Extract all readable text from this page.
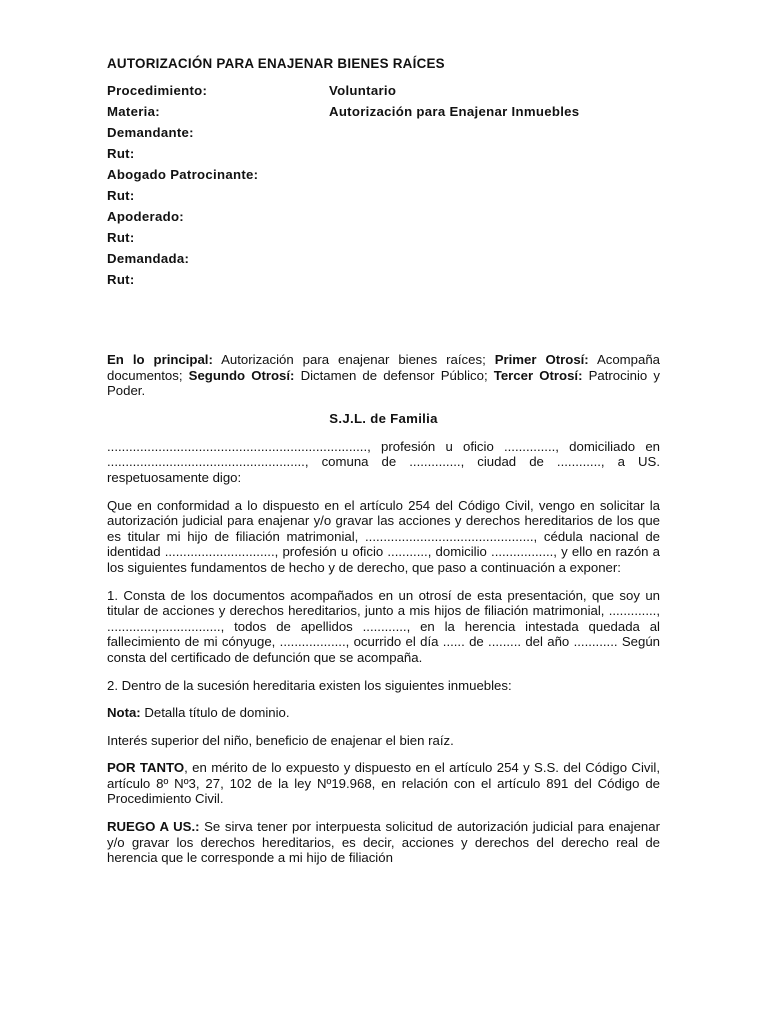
AUTORIZACIÓN PARA ENAJENAR BIENES RAÍCES
Procedimiento:	Voluntario
Materia:	Autorización para Enajenar Inmuebles
Demandante:
Rut:
Abogado Patrocinante:
Rut:
Apoderado:
Rut:
Demandada:
Rut:

En lo principal: Autorización para enajenar bienes raíces; Primer Otrosí: Acompaña documentos; Segundo Otrosí: Dictamen de defensor Público; Tercer Otrosí: Patrocinio y Poder.

S.J.L. de Familia

......................................................................., profesión u oficio .............., domiciliado en ......................................................, comuna de .............., ciudad de ............, a US. respetuosamente digo:

Que en conformidad a lo dispuesto en el artículo 254 del Código Civil, vengo en solicitar la autorización judicial para enajenar y/o gravar las acciones y derechos hereditarios de los que es titular mi hijo de filiación matrimonial, .............................................., cédula nacional de identidad .............................., profesión u oficio ..........., domicilio ................., y ello en razón a los siguientes fundamentos de hecho y de derecho, que paso a continuación a exponer:

1. Consta de los documentos acompañados en un otrosí de esta presentación, que soy un titular de acciones y derechos hereditarios, junto a mis hijos de filiación matrimonial, ............., .............,................., todos de apellidos ............, en la herencia intestada quedada al fallecimiento de mi cónyuge, .................., ocurrido el día ...... de ......... del año ............ Según consta del certificado de defunción que se acompaña.

2. Dentro de la sucesión hereditaria existen los siguientes inmuebles:

Nota: Detalla título de dominio.

Interés superior del niño, beneficio de enajenar el bien raíz.

POR TANTO, en mérito de lo expuesto y dispuesto en el artículo 254 y S.S. del Código Civil, artículo 8º Nº3, 27, 102 de la ley Nº19.968, en relación con el artículo 891 del Código de Procedimiento Civil.

RUEGO A US.: Se sirva tener por interpuesta solicitud de autorización judicial para enajenar y/o gravar los derechos hereditarios, es decir, acciones y derechos del derecho real de herencia que le corresponde a mi hijo de filiación
